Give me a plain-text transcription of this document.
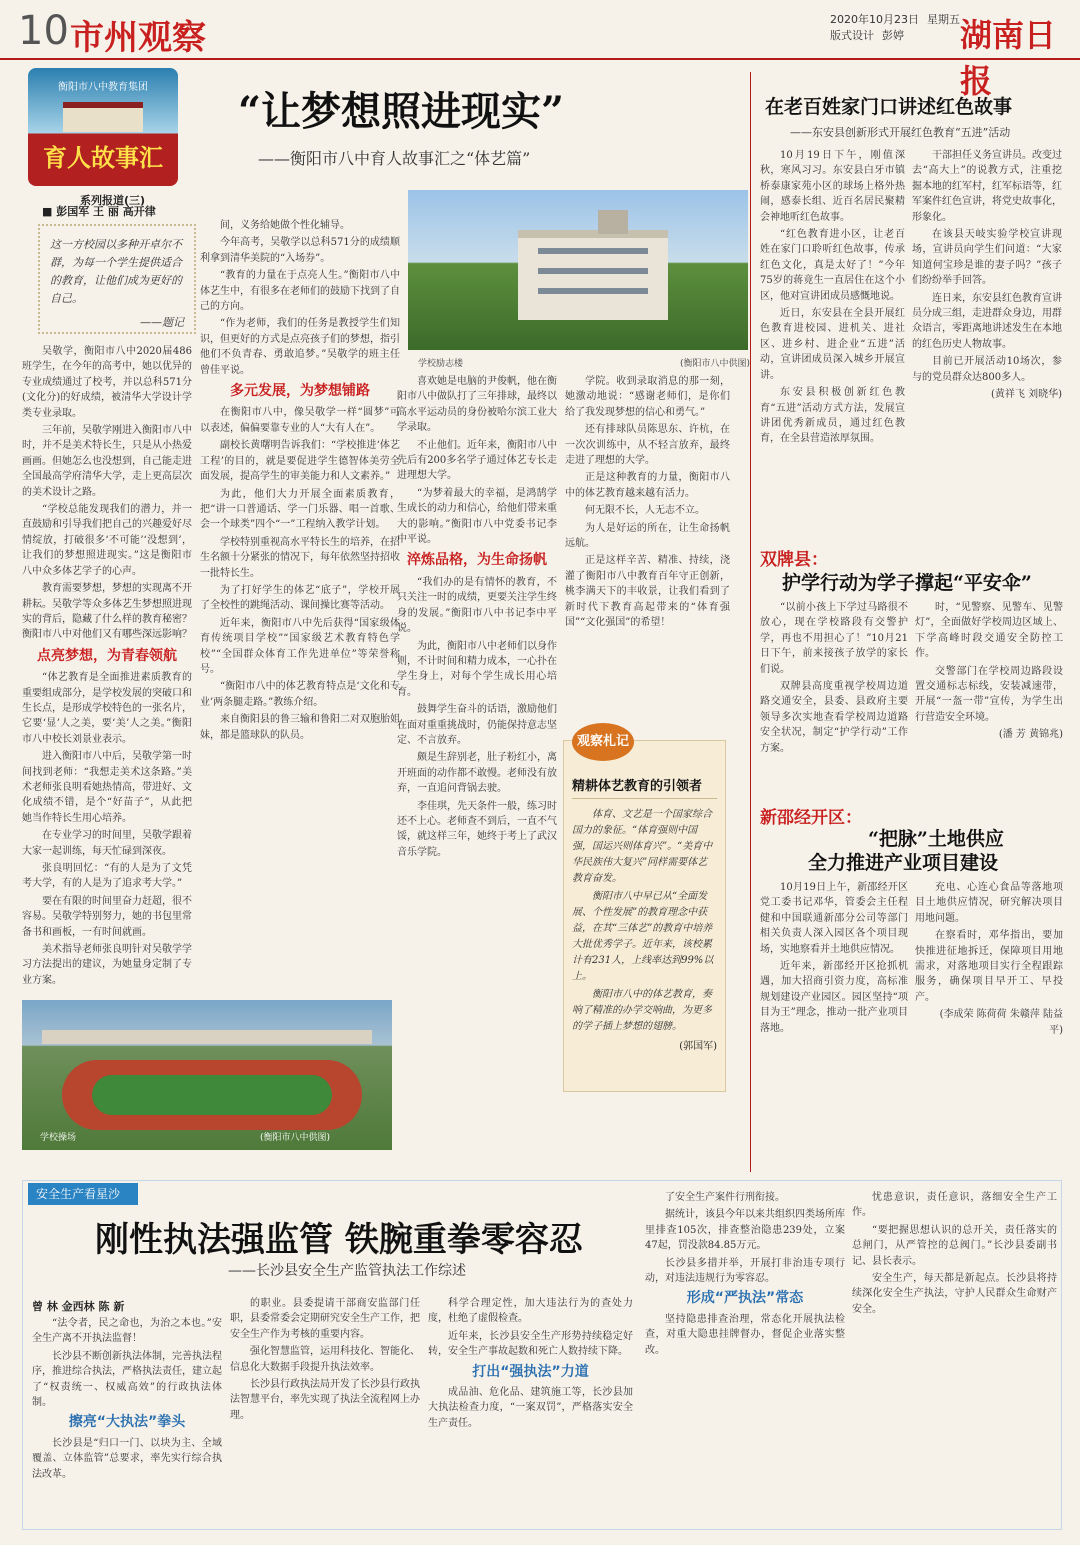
10 市州观察	2020年10月23日 星期五
版式设计 彭婷	湖南日报
衡阳市八中教育集团
育人故事汇
系列报道(三)
“让梦想照进现实”
——衡阳市八中育人故事汇之“体艺篇”
■ 彭国军 王 丽 高开律
这一方校园以多种开卓尔不群，为每一个学生提供适合的教育，让他们成为更好的自己。
——题记
学校励志楼	(衡阳市八中供图)

吴敬学，衡阳市八中2020届486班学生，在今年的高考中，她以优异的专业成绩通过了校考，并以总科571分(文化分)的好成绩，被清华大学设计学类专业录取。

三年前，吴敬学刚进入衡阳市八中时，并不是美术特长生，只是从小热爱画画。但她怎么也没想到，自己能走进全国最高学府清华大学，走上更高层次的美术设计之路。

“学校总能发现我们的潜力，并一直鼓励和引导我们把自己的兴趣爱好尽情绽放，打破很多‘不可能’‘没想到’，让我们的梦想照进现实。”这是衡阳市八中众多体艺学子的心声。

教育需要梦想，梦想的实现离不开耕耘。吴敬学等众多体艺生梦想照进现实的背后，隐藏了什么样的教育秘密？衡阳市八中对他们又有哪些深远影响？

点亮梦想，为青春领航

“体艺教育是全面推进素质教育的重要组成部分，是学校发展的突破口和生长点，是形成学校特色的一张名片，它要‘显’人之美，要‘美’人之美。”衡阳市八中校长刘景业表示。

进入衡阳市八中后，吴敬学第一时间找到老师：“我想走美术这条路。”美术老师张良明看她热情高，带进好、文化成绩不错，是个“好苗子”，从此把她当作特长生用心培养。

在专业学习的时间里，吴敬学跟着大家一起训练，每天忙碌到深夜。

张良明回忆：“有的人是为了文凭考大学，有的人是为了追求考大学。”

要在有限的时间里奋力赶超，很不容易。吴敬学特别努力，她的书包里常备书和画板，一有时间就画。

美术指导老师张良明针对吴敬学学习方法提出的建议，为她量身定制了专业方案。

间，义务给她做个性化辅导。

今年高考，吴敬学以总科571分的成绩顺利拿到清华美院的“入场券”。

“教育的力量在于点亮人生。”衡阳市八中体艺生中，有很多在老师们的鼓励下找到了自己的方向。

“作为老师，我们的任务是教授学生们知识，但更好的方式是点亮孩子们的梦想，指引他们不负青春、勇敢追梦。”吴敬学的班主任曾佳平说。

多元发展，为梦想铺路

在衡阳市八中，像吴敬学一样“圆梦”可以表述，偏偏要靠专业的人“大有人在”。

副校长黄曙明告诉我们：“学校推进‘体艺工程’的目的，就是要促进学生德智体美劳全面发展，提高学生的审美能力和人文素养。”

为此，他们大力开展全面素质教育，把“讲一口普通话、学一门乐器、唱一首歌、会一个球类”四个“一”工程纳入教学计划。

学校特别重视高水平特长生的培养，在招生名额十分紧张的情况下，每年依然坚持招收一批特长生。

为了打好学生的体艺“底子”，学校开展了全校性的跳绳活动、课间操比赛等活动。

近年来，衡阳市八中先后获得“国家级体育传统项目学校”“国家级艺术教育特色学校”“全国群众体育工作先进单位”等荣誉称号。

“衡阳市八中的体艺教育特点是‘文化和专业’两条腿走路。”教练介绍。

来自衡阳县的鲁三输和鲁阳二对双胞胎姐妹，都是篮球队的队员。

喜欢她是电脑的尹俊帆，他在衡阳市八中做队打了三年排球，最终以高水平运动员的身份被哈尔滨工业大学录取。

不止他们。近年来，衡阳市八中先后有200多名学子通过体艺专长走进理想大学。

“为梦着最大的幸福，是鸿鹄学生成长的动力和信心，给他们带来重大的影响。”衡阳市八中党委书记李中平说。

淬炼品格，为生命扬帆

“我们办的是有情怀的教育，不只关注一时的成绩，更要关注学生终身的发展。”衡阳市八中书记李中平说。

为此，衡阳市八中老师们以身作则，不计时间和精力成本，一心扑在学生身上，对每个学生成长用心培育。

鼓舞学生奋斗的话语，激励他们在面对重重挑战时，仍能保持意志坚定、不言放弃。

颇是生辞别老，肚子粉红小，离开班面的动作都不敢慢。老师没有放弃，一直追问背锅去驶。

李佳琪，先天条件一般，练习时还不上心。老师查不到后，一直不气馁，就这样三年，她终于考上了武汉音乐学院。

学院。收到录取消息的那一刻，她激动地说：“感谢老师们，是你们给了我发现梦想的信心和勇气。”

还有排球队员陈思东、许杭，在一次次训练中，从不轻言放弃，最终走进了理想的大学。

正是这种教育的力量，衡阳市八中的体艺教育越来越有活力。

何无限不长，人无志不立。

为人是好运的所在，让生命扬帆远航。

正是这样辛苦、精准、持续，浇灌了衡阳市八中教育百年守正创新，桃李满天下的丰收景，让我们看到了新时代下教育高起带来的“体育强国”“文化强国”的希望！

观察札记
精耕体艺教育的引领者

体育、文艺是一个国家综合国力的象征。“体育强则中国强，国运兴则体育兴”。“美育中华民族伟大复兴”同样需要体艺教育奋发。

衡阳市八中早已从“全面发展、个性发展”的教育理念中获益，在其“三体艺”的教育中培养大批优秀学子。近年来，该校累计有231人，上线率达到99%以上。

衡阳市八中的体艺教育，奏响了精准的办学交响曲，为更多的学子插上梦想的翅膀。

(郭国军)
学校操场	(衡阳市八中供图)
在老百姓家门口讲述红色故事
——东安县创新形式开展红色教育“五进”活动

10月19日下午，刚值深秋，寒风习习。东安县白牙市镇桥泰康家苑小区的球场上格外热闹，感泰长组、近百名居民聚精会神地听红色故事。

“红色教育进小区，让老百姓在家门口聆听红色故事，传承红色文化，真是太好了！”今年75岁的蒋竟生一直居住在这个小区，他对宣讲团成员感慨地说。

近日，东安县在全县开展红色教育进校园、进机关、进社区、进乡村、进企业“五进”活动，宣讲团成员深入城乡开展宣讲。

东安县积极创新红色教育“五进”活动方式方法，发展宣讲团优秀新成员，通过红色教育，在全县营造浓厚氛围。

干部担任义务宣讲员。改变过去“高大上”的说教方式，注重挖掘本地的红军村，红军标语等，红军案件红色宣讲，将党史故事化，形象化。

在该县天岐实验学校宣讲现场，宣讲员向学生们问道：“大家知道何宝珍是谁的妻子吗？”孩子们纷纷举手回答。

连日来，东安县红色教育宣讲员分成三组，走进群众身边，用群众语言，零距离地讲述发生在本地的红色历史人物故事。

目前已开展活动10场次，参与的党员群众达800多人。

(黄祥飞 刘晓华)

双牌县：
护学行动为学子撑起“平安伞”

“以前小孩上下学过马路很不放心，现在学校路段有交警护学，再也不用担心了！”10月21日下午，前来接孩子放学的家长们说。

双牌县高度重视学校周边道路交通安全，县委、县政府主要领导多次实地查看学校周边道路安全状况，制定“护学行动”工作方案。

时，“见警察、见警车、见警灯”，全面做好学校周边区域上、下学高峰时段交通安全防控工作。

交警部门在学校周边路段设置交通标志标线，安装减速带，开展“一盔一带”宣传，为学生出行营造安全环境。

(潘 芳 黄锦兆)

新邵经开区：
“把脉”土地供应
全力推进产业项目建设

10月19日上午，新邵经开区党工委书记邓华，管委会主任程健和中国联通新邵分公司等部门相关负责人深入园区各个项目现场，实地察看并土地供应情况。

近年来，新邵经开区抢抓机遇，加大招商引资力度，高标准规划建设产业园区。园区坚持“项目为王”理念，推动一批产业项目落地。

充电、心连心食品等落地项目土地供应情况，研究解决项目用地问题。

在察看时，邓华指出，要加快推进征地拆迁，保障项目用地需求，对落地项目实行全程跟踪服务，确保项目早开工、早投产。

(李成荣 陈荷荷 朱赣萍 陆益平)

安全生产看星沙
刚性执法强监管 铁腕重拳零容忍
——长沙县安全生产监管执法工作综述
曾 林 金西林 陈 新

“法令者，民之命也，为治之本也。”安全生产离不开执法监督！

长沙县不断创新执法体制，完善执法程序，推进综合执法，严格执法责任，建立起了“权责统一、权威高效”的行政执法体制。

擦亮“大执法”拳头

长沙县是“归口一门、以块为主、全域覆盖、立体监管”总要求，率先实行综合执法改革。

的职业。县委提请干部商安监部门任职，县委常委会定期研究安全生产工作，把安全生产作为考核的重要内容。

强化智慧监管，运用科技化、智能化、信息化大数据手段提升执法效率。

长沙县行政执法局开发了长沙县行政执法智慧平台，率先实现了执法全流程网上办理。

科学合理定性，加大违法行为的查处力度，杜绝了虚假检查。

近年来，长沙县安全生产形势持续稳定好转，安全生产事故起数和死亡人数持续下降。

打出“强执法”力道

成品油、危化品、建筑施工等，长沙县加大执法检查力度，“一案双罚”，严格落实安全生产责任。

了安全生产案件行刑衔接。

据统计，该县今年以来共组织四类场所库里排查105次，排查整治隐患239处，立案47起，罚没款84.85万元。

长沙县多措并举，开展打非治违专项行动，对违法违规行为零容忍。

形成“严执法”常态

坚持隐患排查治理，常态化开展执法检查，对重大隐患挂牌督办，督促企业落实整改。

忧患意识，责任意识，落细安全生产工作。

“要把握思想认识的总开关，责任落实的总闸门，从严管控的总阀门。”长沙县委副书记、县长表示。

安全生产，每天都是新起点。长沙县将持续深化安全生产执法，守护人民群众生命财产安全。
